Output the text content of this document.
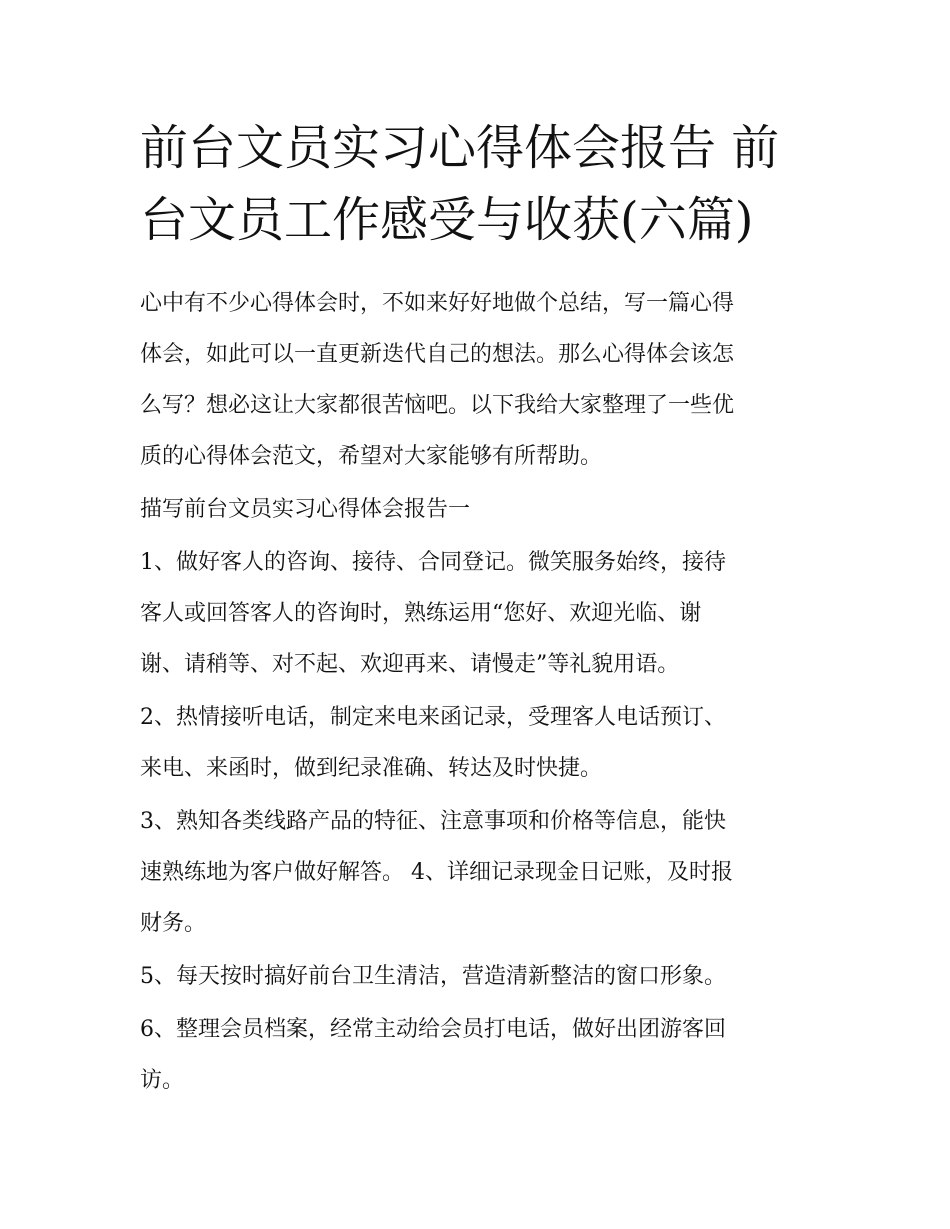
前台文员实习心得体会报告 前
台文员工作感受与收获(六篇)

心中有不少心得体会时，不如来好好地做个总结，写一篇心得
体会，如此可以一直更新迭代自己的想法。那么心得体会该怎
么写？想必这让大家都很苦恼吧。以下我给大家整理了一些优
质的心得体会范文，希望对大家能够有所帮助。

描写前台文员实习心得体会报告一

1、做好客人的咨询、接待、合同登记。微笑服务始终，接待
客人或回答客人的咨询时，熟练运用“您好、欢迎光临、谢
谢、请稍等、对不起、欢迎再来、请慢走”等礼貌用语。

2、热情接听电话，制定来电来函记录，受理客人电话预订、
来电、来函时，做到纪录准确、转达及时快捷。

3、熟知各类线路产品的特征、注意事项和价格等信息，能快
速熟练地为客户做好解答。 4、详细记录现金日记账，及时报
财务。

5、每天按时搞好前台卫生清洁，营造清新整洁的窗口形象。

6、整理会员档案，经常主动给会员打电话，做好出团游客回
访。
